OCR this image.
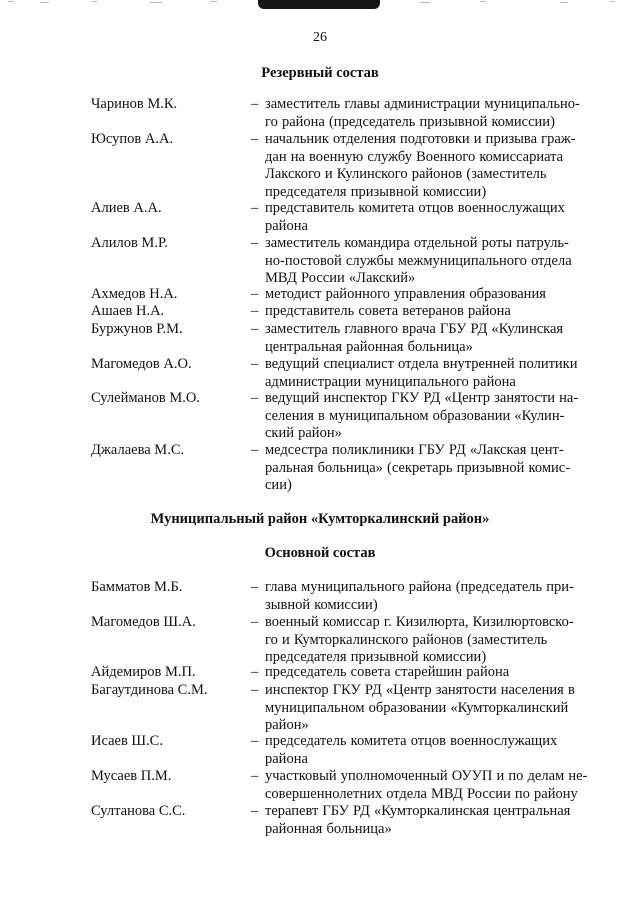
26
Резервный состав
Чаринов М.К.	– заместитель главы администрации муниципально-
го района (председатель призывной комиссии)
Юсупов А.А.	– начальник отделения подготовки и призыва граж-
дан на военную службу Военного комиссариата
Лакского и Кулинского районов (заместитель
председателя призывной комиссии)
Алиев А.А.	– представитель комитета отцов военнослужащих
района
Алилов М.Р.	– заместитель командира отдельной роты патруль-
но-постовой службы межмуниципального отдела
МВД России «Лакский»
Ахмедов Н.А.	– методист районного управления образования
Ашаев Н.А.	– представитель совета ветеранов района
Буржунов Р.М.	– заместитель главного врача ГБУ РД «Кулинская
центральная районная больница»
Магомедов А.О.	– ведущий специалист отдела внутренней политики
администрации муниципального района
Сулейманов М.О.	– ведущий инспектор ГКУ РД «Центр занятости на-
селения в муниципальном образовании «Кулин-
ский район»
Джалаева М.С.	– медсестра поликлиники ГБУ РД «Лакская цент-
ральная больница» (секретарь призывной комис-
сии)
Муниципальный район «Кумторкалинский район»
Основной состав
Бамматов М.Б.	– глава муниципального района (председатель при-
зывной комиссии)
Магомедов Ш.А.	– военный комиссар г. Кизилюрта, Кизилюртовско-
го и Кумторкалинского районов (заместитель
председателя призывной комиссии)
Айдемиров М.П.	– председатель совета старейшин района
Багаутдинова С.М.	– инспектор ГКУ РД «Центр занятости населения в
муниципальном образовании «Кумторкалинский
район»
Исаев Ш.С.	– председатель комитета отцов военнослужащих
района
Мусаев П.М.	– участковый уполномоченный ОУУП и по делам не-
совершеннолетних отдела МВД России по району
Султанова С.С.	– терапевт ГБУ РД «Кумторкалинская центральная
районная больница»
